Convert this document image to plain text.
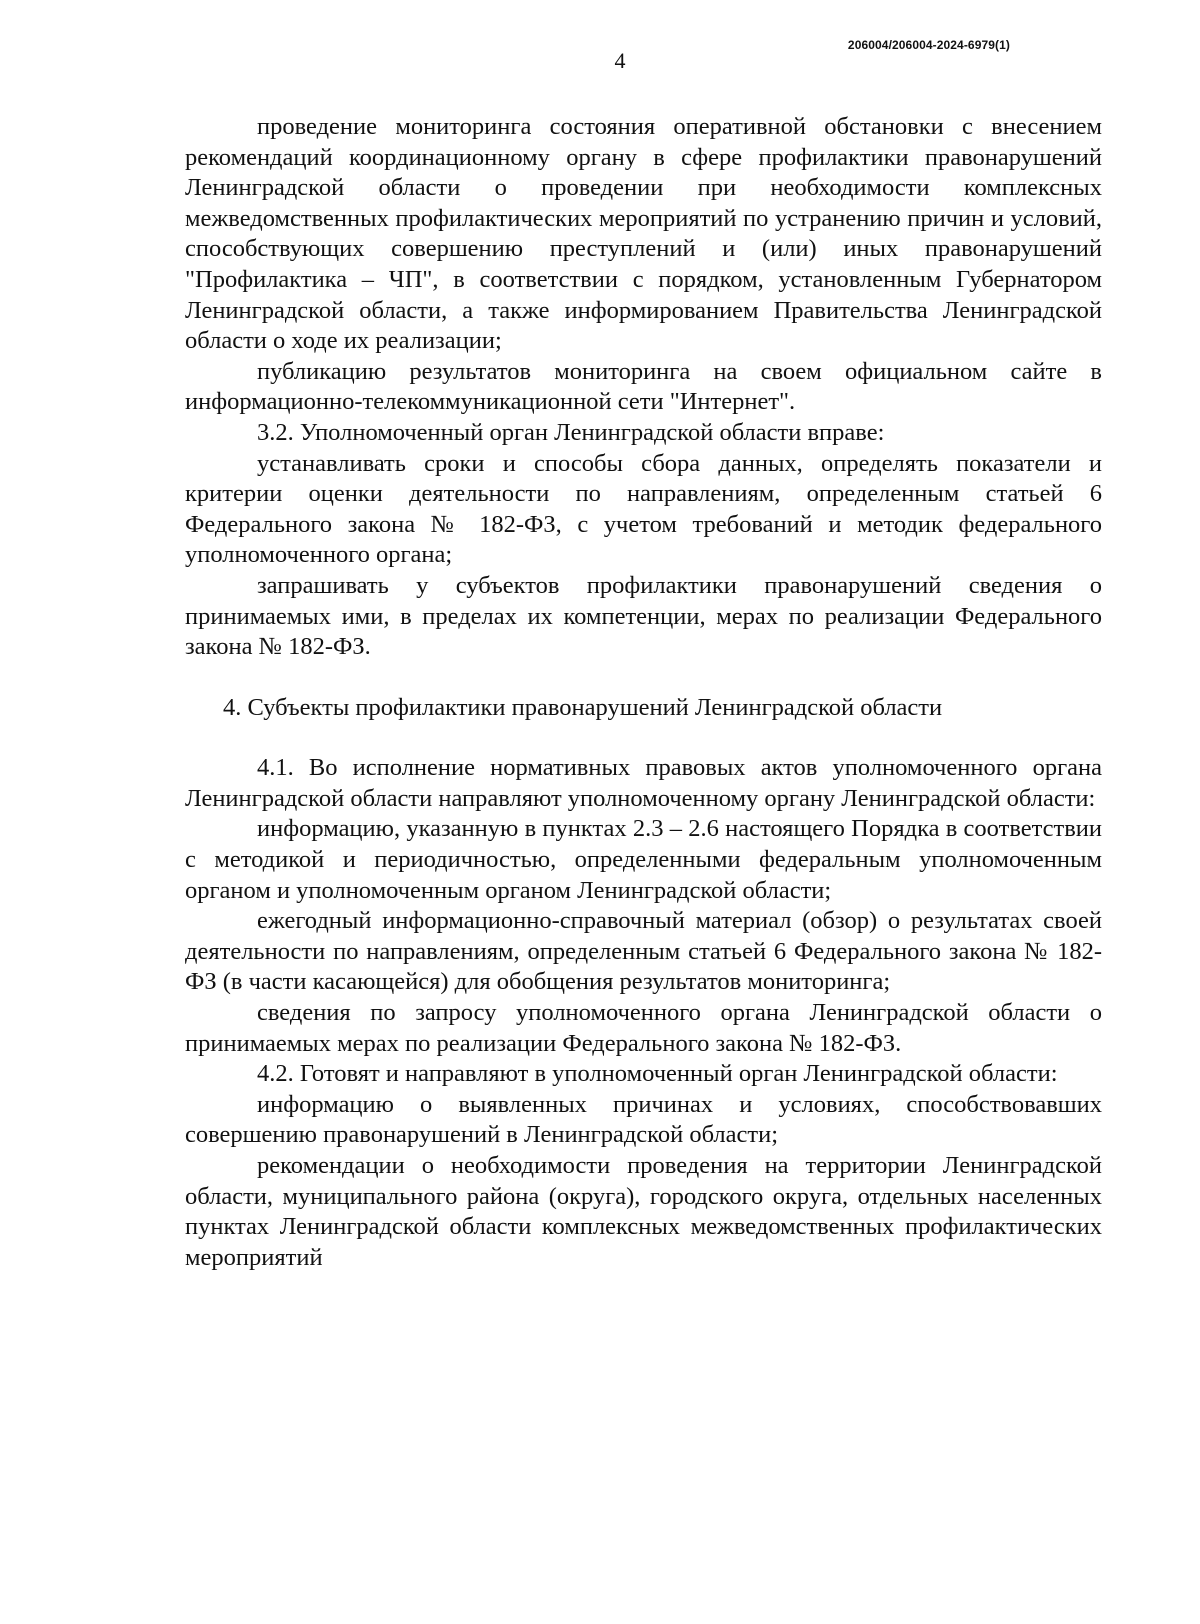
206004/206004-2024-6979(1)
4

проведение мониторинга состояния оперативной обстановки с внесением рекомендаций координационному органу в сфере профилактики правонарушений Ленинградской области о проведении при необходимости комплексных межведомственных профилактических мероприятий по устранению причин и условий, способствующих совершению преступлений и (или) иных правонарушений "Профилактика – ЧП", в соответствии с порядком, установленным Губернатором Ленинградской области, а также информированием Правительства Ленинградской области о ходе их реализации;

публикацию результатов мониторинга на своем официальном сайте в информационно-телекоммуникационной сети "Интернет".

3.2. Уполномоченный орган Ленинградской области вправе:

устанавливать сроки и способы сбора данных, определять показатели и критерии оценки деятельности по направлениям, определенным статьей 6 Федерального закона № 182-ФЗ, с учетом требований и методик федерального уполномоченного органа;

запрашивать у субъектов профилактики правонарушений сведения о принимаемых ими, в пределах их компетенции, мерах по реализации Федерального закона № 182-ФЗ.

4. Субъекты профилактики правонарушений Ленинградской области

4.1. Во исполнение нормативных правовых актов уполномоченного органа Ленинградской области направляют уполномоченному органу Ленинградской области:

информацию, указанную в пунктах 2.3 – 2.6 настоящего Порядка в соответствии с методикой и периодичностью, определенными федеральным уполномоченным органом и уполномоченным органом Ленинградской области;

ежегодный информационно-справочный материал (обзор) о результатах своей деятельности по направлениям, определенным статьей 6 Федерального закона № 182-ФЗ (в части касающейся) для обобщения результатов мониторинга;

сведения по запросу уполномоченного органа Ленинградской области о принимаемых мерах по реализации Федерального закона № 182-ФЗ.

4.2. Готовят и направляют в уполномоченный орган Ленинградской области:

информацию о выявленных причинах и условиях, способствовавших совершению правонарушений в Ленинградской области;

рекомендации о необходимости проведения на территории Ленинградской области, муниципального района (округа), городского округа, отдельных населенных пунктах Ленинградской области комплексных межведомственных профилактических мероприятий
